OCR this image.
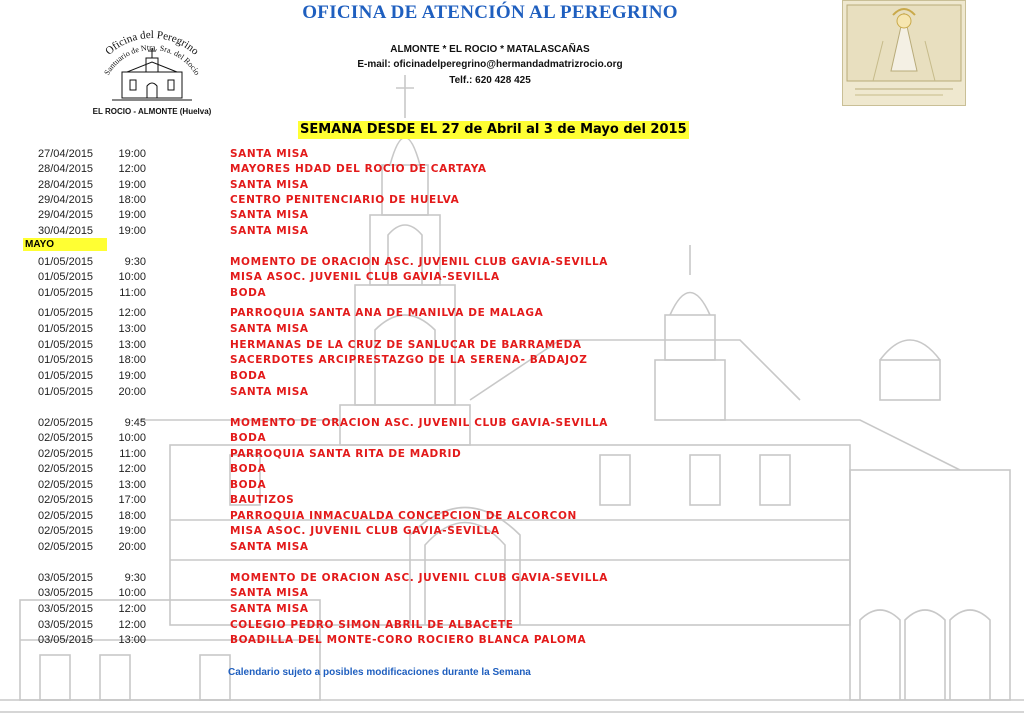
Oficina del Peregrino
Santuario de Ntra. Sra. del Rocío
EL ROCIO - ALMONTE (Huelva)
OFICINA DE ATENCIÓN AL PEREGRINO
ALMONTE * EL ROCIO * MATALASCAÑAS
E-mail: oficinadelperegrino@hermandadmatrizrocio.org
Telf.: 620 428 425
SEMANA DESDE EL 27 de Abril al 3 de Mayo del 2015
MAYO
27/04/2015	19:00	SANTA MISA
28/04/2015	12:00	MAYORES HDAD DEL ROCIO DE CARTAYA
28/04/2015	19:00	SANTA MISA
29/04/2015	18:00	CENTRO PENITENCIARIO DE HUELVA
29/04/2015	19:00	SANTA MISA
30/04/2015	19:00	SANTA MISA
01/05/2015	9:30	MOMENTO DE ORACION ASC. JUVENIL CLUB GAVIA-SEVILLA
01/05/2015	10:00	MISA ASOC. JUVENIL CLUB GAVIA-SEVILLA
01/05/2015	11:00	BODA
01/05/2015	12:00	PARROQUIA SANTA ANA DE MANILVA DE MALAGA
01/05/2015	13:00	SANTA MISA
01/05/2015	13:00	HERMANAS DE LA CRUZ DE SANLUCAR DE BARRAMEDA
01/05/2015	18:00	SACERDOTES ARCIPRESTAZGO DE LA SERENA- BADAJOZ
01/05/2015	19:00	BODA
01/05/2015	20:00	SANTA MISA
02/05/2015	9:45	MOMENTO DE ORACION ASC. JUVENIL CLUB GAVIA-SEVILLA
02/05/2015	10:00	BODA
02/05/2015	11:00	PARROQUIA SANTA RITA DE MADRID
02/05/2015	12:00	BODA
02/05/2015	13:00	BODA
02/05/2015	17:00	BAUTIZOS
02/05/2015	18:00	PARROQUIA INMACUALDA CONCEPCION DE ALCORCON
02/05/2015	19:00	MISA ASOC. JUVENIL CLUB GAVIA-SEVILLA
02/05/2015	20:00	SANTA MISA
03/05/2015	9:30	MOMENTO DE ORACION ASC. JUVENIL CLUB GAVIA-SEVILLA
03/05/2015	10:00	SANTA MISA
03/05/2015	12:00	SANTA MISA
03/05/2015	12:00	COLEGIO PEDRO SIMON ABRIL DE ALBACETE
03/05/2015	13:00	BOADILLA DEL MONTE-CORO ROCIERO BLANCA PALOMA
Calendario sujeto a posibles modificaciones durante la Semana
